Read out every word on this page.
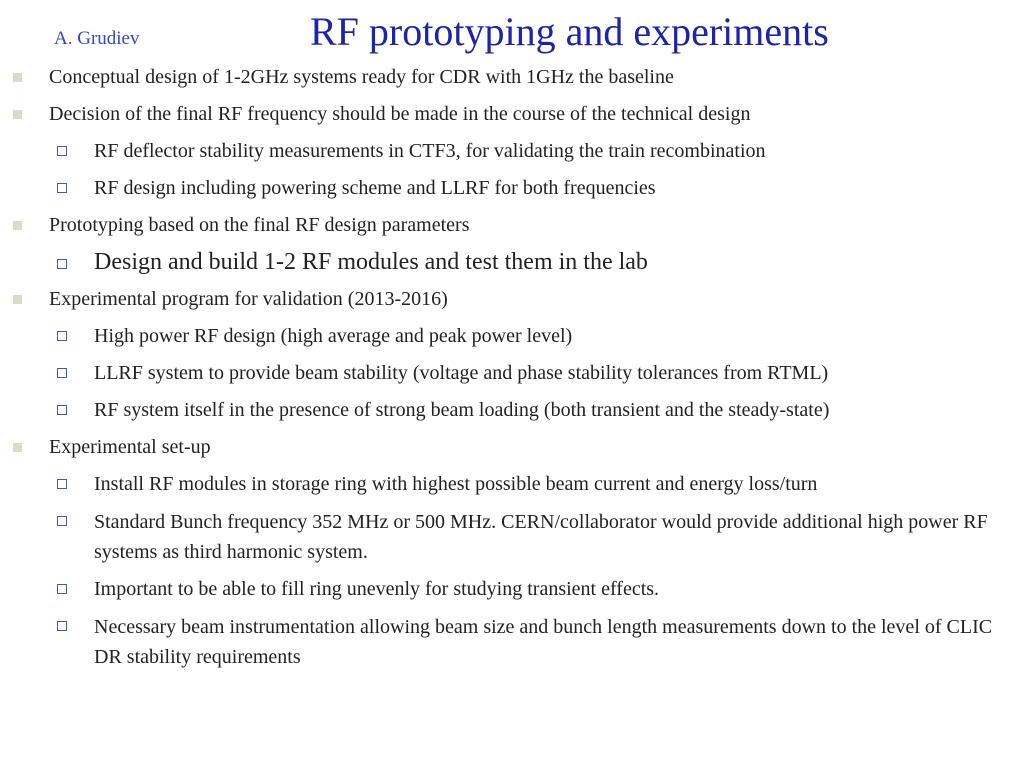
A. Grudiev	RF prototyping and experiments
Conceptual design of 1-2GHz systems ready for CDR with 1GHz the baseline
Decision of the final RF frequency should be made in the course of the technical design
RF deflector stability measurements in CTF3, for validating the train recombination
RF design including powering scheme and LLRF for both frequencies
Prototyping based on the final RF design parameters
Design and build 1-2 RF modules and test them in the lab
Experimental program for validation (2013-2016)
High power RF design (high average and peak power level)
LLRF system to provide beam stability (voltage and phase stability tolerances from RTML)
RF system itself in the presence of strong beam loading (both transient and the steady-state)
Experimental set-up
Install RF modules in storage ring with highest possible beam current and energy loss/turn
Standard Bunch frequency 352 MHz or 500 MHz. CERN/collaborator would provide additional high power RF systems as third harmonic system.
Important to be able to fill ring unevenly for studying transient effects.
Necessary beam instrumentation allowing beam size and bunch length measurements down to the level of CLIC DR stability requirements
